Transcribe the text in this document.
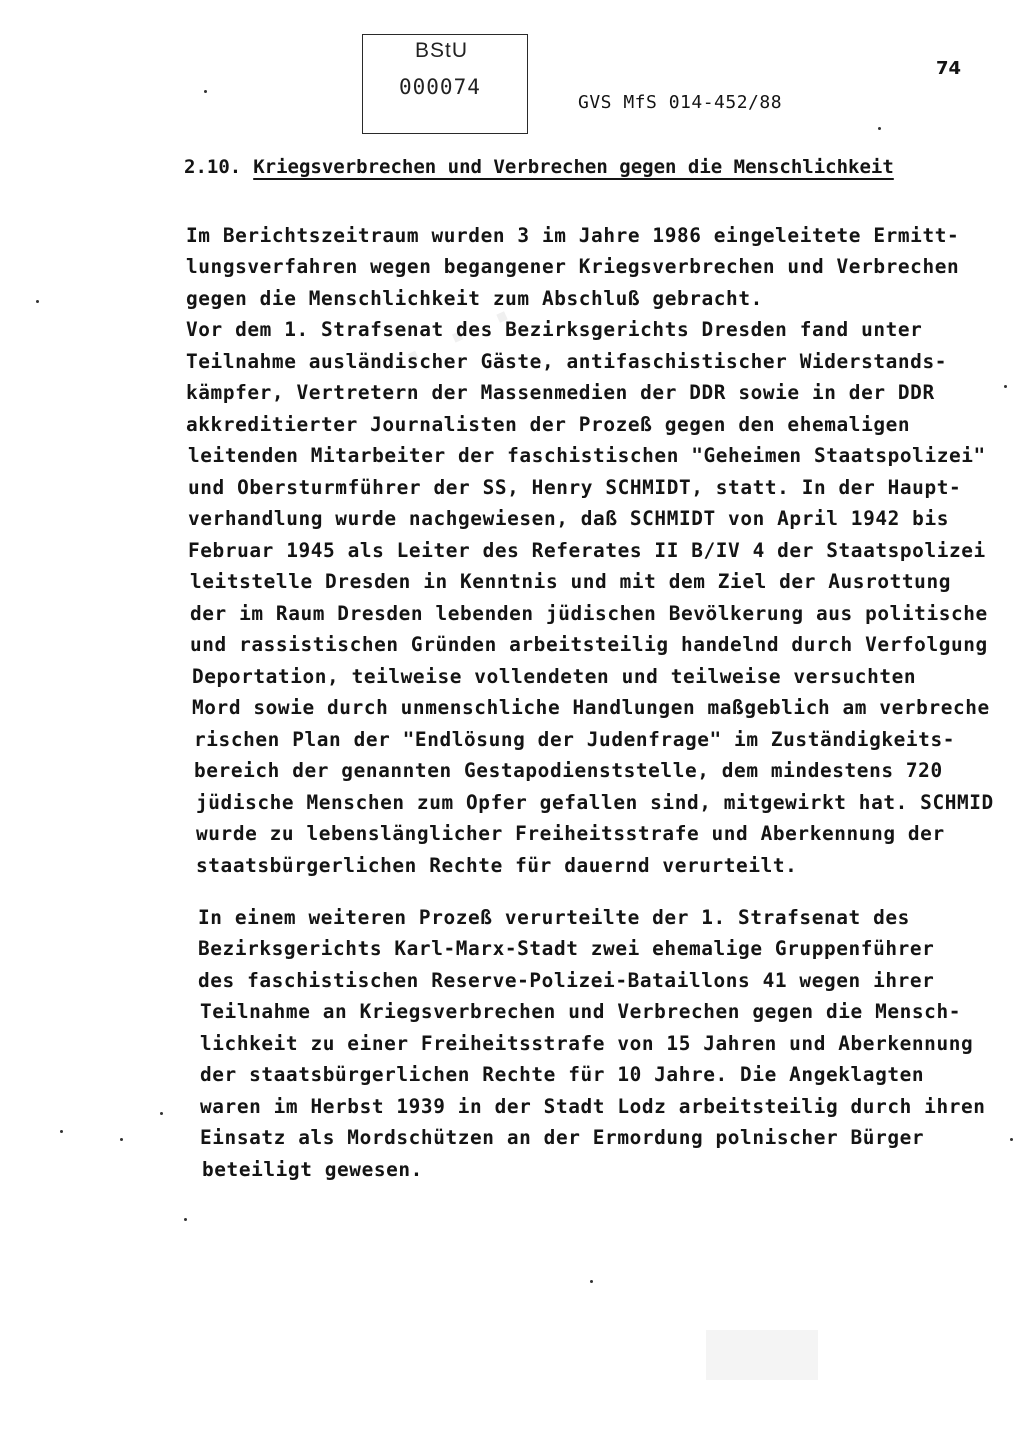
BStU
000074
GVS MfS 014-452/88
74
2.10. Kriegsverbrechen und Verbrechen gegen die Menschlichkeit
· · ·
Im Berichtszeitraum wurden 3 im Jahre 1986 eingeleitete Ermitt-
lungsverfahren wegen begangener Kriegsverbrechen und Verbrechen
gegen die Menschlichkeit zum Abschluß gebracht.
Vor dem 1. Strafsenat des Bezirksgerichts Dresden fand unter
Teilnahme ausländischer Gäste, antifaschistischer Widerstands-
kämpfer, Vertretern der Massenmedien der DDR sowie in der DDR
akkreditierter Journalisten der Prozeß gegen den ehemaligen
leitenden Mitarbeiter der faschistischen "Geheimen Staatspolizei"
und Obersturmführer der SS, Henry SCHMIDT, statt. In der Haupt-
verhandlung wurde nachgewiesen, daß SCHMIDT von April 1942 bis
Februar 1945 als Leiter des Referates II B/IV 4 der Staatspolizei
leitstelle Dresden in Kenntnis und mit dem Ziel der Ausrottung
der im Raum Dresden lebenden jüdischen Bevölkerung aus politische
und rassistischen Gründen arbeitsteilig handelnd durch Verfolgung
Deportation, teilweise vollendeten und teilweise versuchten
Mord sowie durch unmenschliche Handlungen maßgeblich am verbreche
rischen Plan der "Endlösung der Judenfrage" im Zuständigkeits-
bereich der genannten Gestapodienststelle, dem mindestens 720
jüdische Menschen zum Opfer gefallen sind, mitgewirkt hat. SCHMID
wurde zu lebenslänglicher Freiheitsstrafe und Aberkennung der
staatsbürgerlichen Rechte für dauernd verurteilt.
In einem weiteren Prozeß verurteilte der 1. Strafsenat des
Bezirksgerichts Karl-Marx-Stadt zwei ehemalige Gruppenführer
des faschistischen Reserve-Polizei-Bataillons 41 wegen ihrer
Teilnahme an Kriegsverbrechen und Verbrechen gegen die Mensch-
lichkeit zu einer Freiheitsstrafe von 15 Jahren und Aberkennung
der staatsbürgerlichen Rechte für 10 Jahre. Die Angeklagten
waren im Herbst 1939 in der Stadt Lodz arbeitsteilig durch ihren
Einsatz als Mordschützen an der Ermordung polnischer Bürger
beteiligt gewesen.
